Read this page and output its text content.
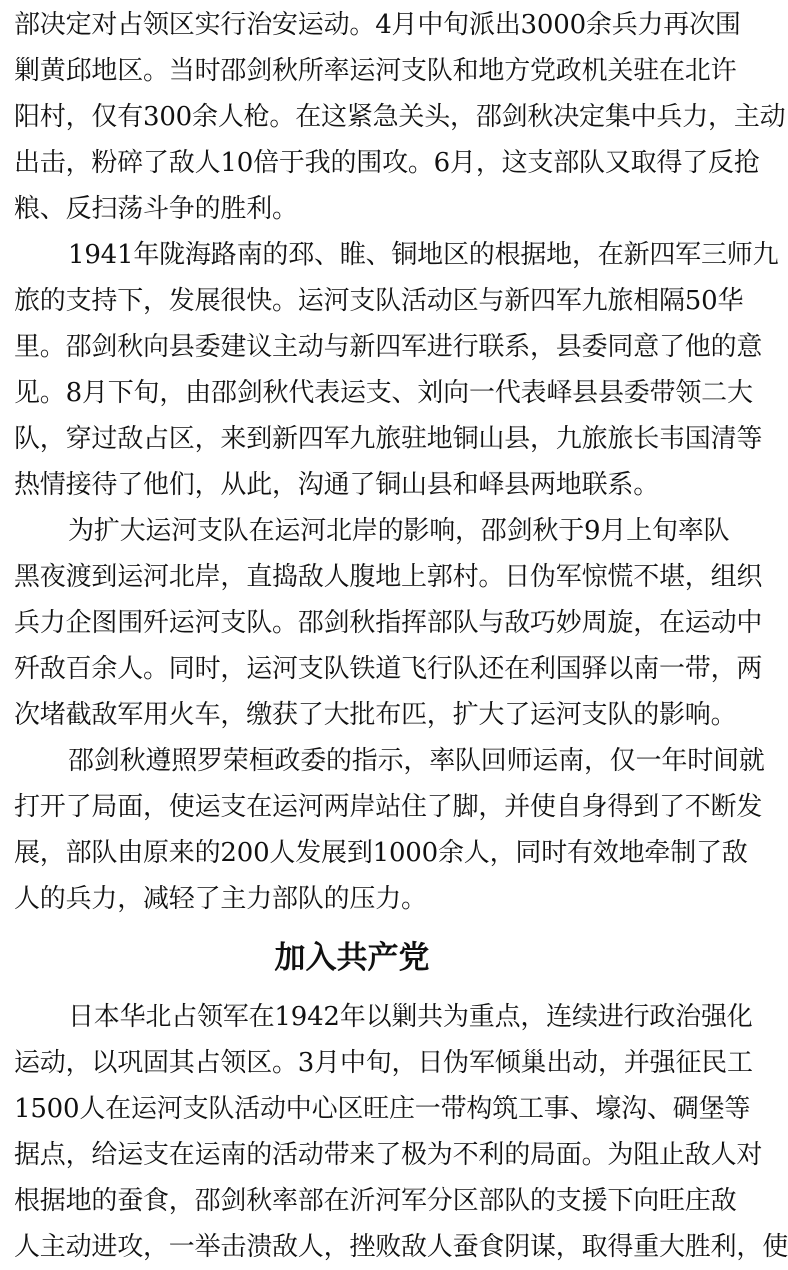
部决定对占领区实行治安运动。4月中旬派出3000余兵力再次围
剿黄邱地区。当时邵剑秋所率运河支队和地方党政机关驻在北许
阳村，仅有300余人枪。在这紧急关头，邵剑秋决定集中兵力，主动
出击，粉碎了敌人10倍于我的围攻。6月，这支部队又取得了反抢
粮、反扫荡斗争的胜利。
1941年陇海路南的邳、睢、铜地区的根据地，在新四军三师九
旅的支持下，发展很快。运河支队活动区与新四军九旅相隔50华
里。邵剑秋向县委建议主动与新四军进行联系，县委同意了他的意
见。8月下旬，由邵剑秋代表运支、刘向一代表峄县县委带领二大
队，穿过敌占区，来到新四军九旅驻地铜山县，九旅旅长韦国清等
热情接待了他们，从此，沟通了铜山县和峄县两地联系。
为扩大运河支队在运河北岸的影响，邵剑秋于9月上旬率队
黑夜渡到运河北岸，直捣敌人腹地上郭村。日伪军惊慌不堪，组织
兵力企图围歼运河支队。邵剑秋指挥部队与敌巧妙周旋，在运动中
歼敌百余人。同时，运河支队铁道飞行队还在利国驿以南一带，两
次堵截敌军用火车，缴获了大批布匹，扩大了运河支队的影响。
邵剑秋遵照罗荣桓政委的指示，率队回师运南，仅一年时间就
打开了局面，使运支在运河两岸站住了脚，并使自身得到了不断发
展，部队由原来的200人发展到1000余人，同时有效地牵制了敌
人的兵力，减轻了主力部队的压力。
加入共产党
日本华北占领军在1942年以剿共为重点，连续进行政治强化
运动，以巩固其占领区。3月中旬，日伪军倾巢出动，并强征民工
1500人在运河支队活动中心区旺庄一带构筑工事、壕沟、碉堡等
据点，给运支在运南的活动带来了极为不利的局面。为阻止敌人对
根据地的蚕食，邵剑秋率部在沂河军分区部队的支援下向旺庄敌
人主动进攻，一举击溃敌人，挫败敌人蚕食阴谋，取得重大胜利，使
